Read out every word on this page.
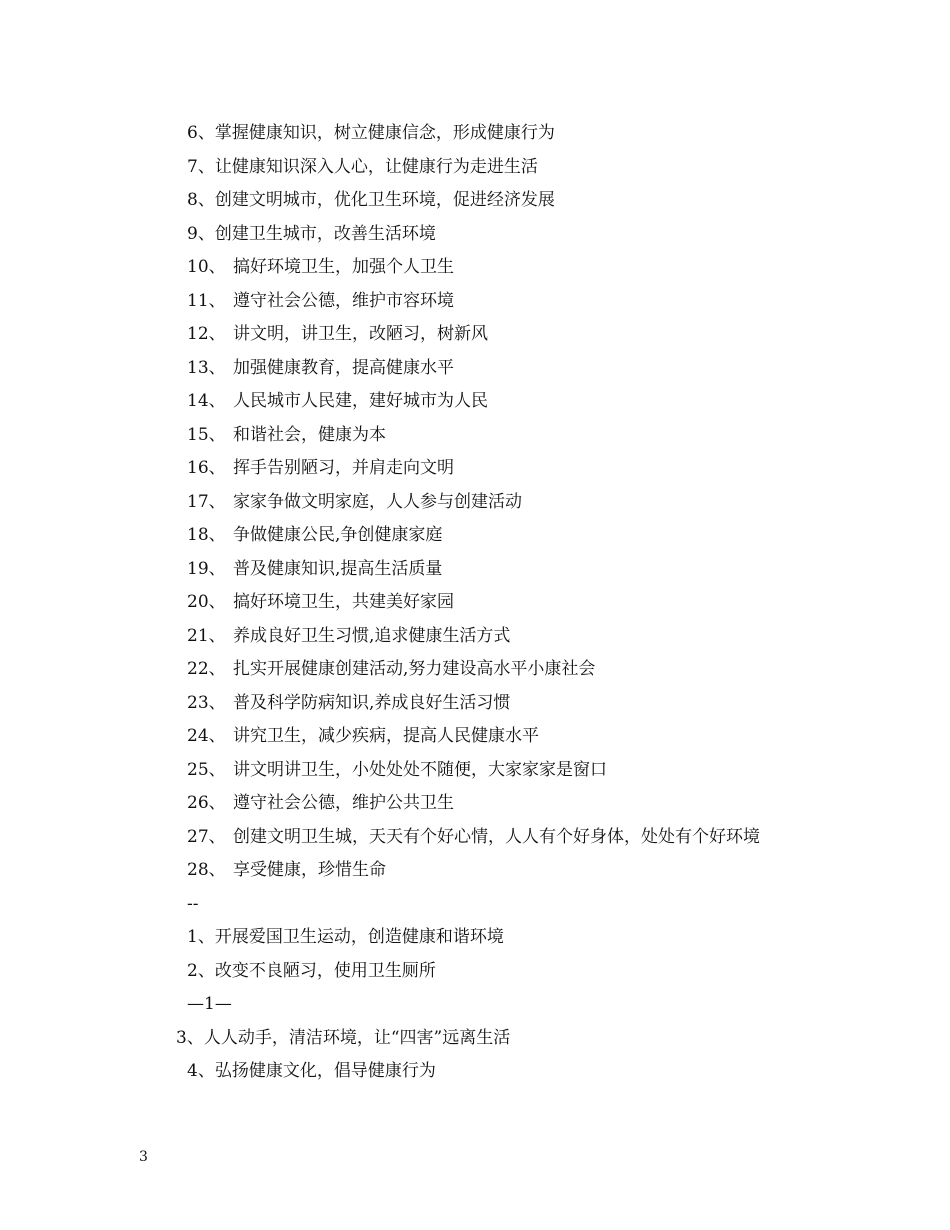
6、掌握健康知识，树立健康信念，形成健康行为
7、让健康知识深入人心，让健康行为走进生活
8、创建文明城市，优化卫生环境，促进经济发展
9、创建卫生城市，改善生活环境
10、 搞好环境卫生，加强个人卫生
11、 遵守社会公德，维护市容环境
12、 讲文明，讲卫生，改陋习，树新风
13、 加强健康教育，提高健康水平
14、 人民城市人民建，建好城市为人民
15、 和谐社会，健康为本
16、 挥手告别陋习，并肩走向文明
17、 家家争做文明家庭，人人参与创建活动
18、 争做健康公民,争创健康家庭
19、 普及健康知识,提高生活质量
20、 搞好环境卫生，共建美好家园
21、 养成良好卫生习惯,追求健康生活方式
22、 扎实开展健康创建活动,努力建设高水平小康社会
23、 普及科学防病知识,养成良好生活习惯
24、 讲究卫生，减少疾病，提高人民健康水平
25、 讲文明讲卫生，小处处处不随便，大家家家是窗口
26、 遵守社会公德，维护公共卫生
27、 创建文明卫生城，天天有个好心情，人人有个好身体，处处有个好环境
28、 享受健康，珍惜生命
--
1、开展爱国卫生运动，创造健康和谐环境
2、改变不良陋习，使用卫生厕所
—1—
3、人人动手，清洁环境，让“四害”远离生活
4、弘扬健康文化，倡导健康行为
3
